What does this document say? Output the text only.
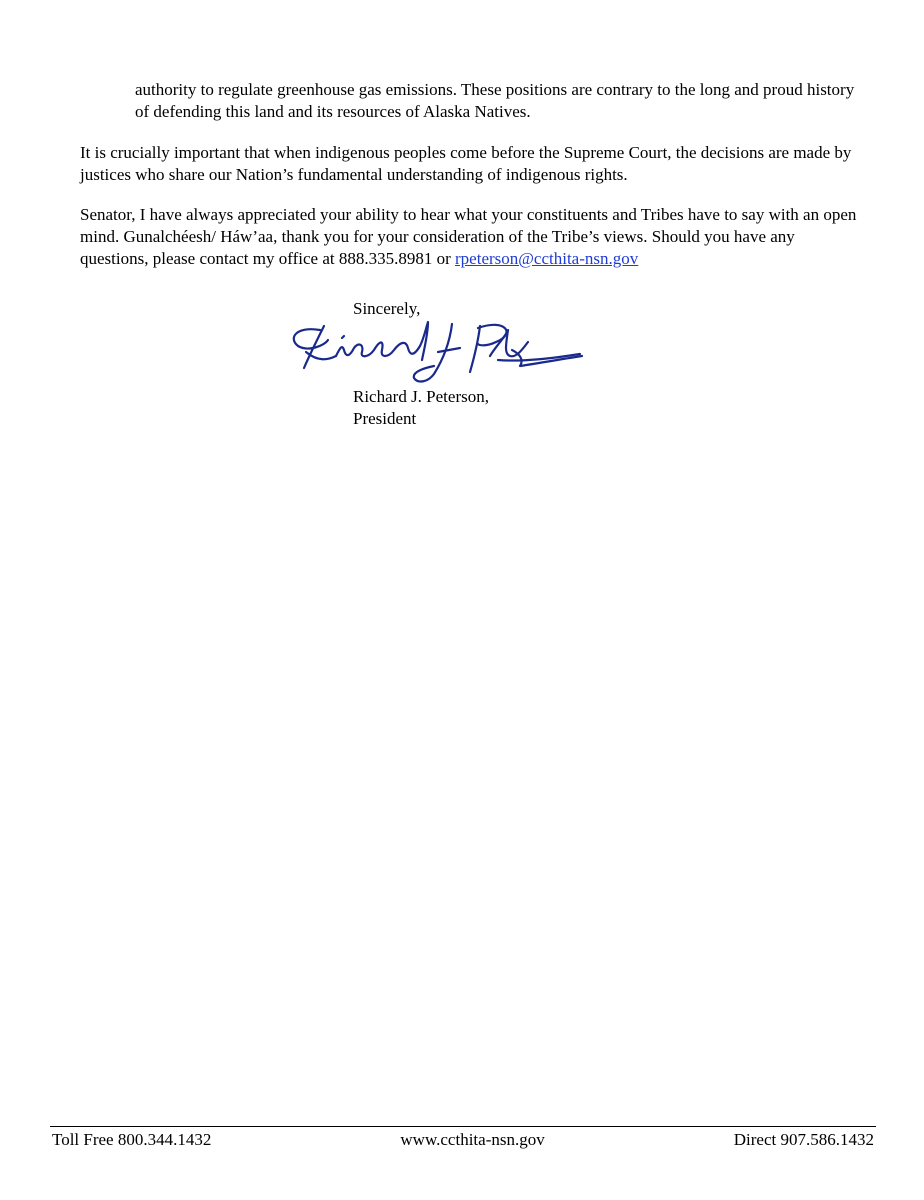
authority to regulate greenhouse gas emissions. These positions are contrary to the long and proud history of defending this land and its resources of Alaska Natives.

It is crucially important that when indigenous peoples come before the Supreme Court, the decisions are made by justices who share our Nation’s fundamental understanding of indigenous rights.

Senator, I have always appreciated your ability to hear what your constituents and Tribes have to say with an open mind. Gunalchéesh/ Háw’aa, thank you for your consideration of the Tribe’s views. Should you have any questions, please contact my office at 888.335.8981 or rpeterson@ccthita-nsn.gov

Sincerely,

Richard J. Peterson,
President
Toll Free 800.344.1432	www.ccthita-nsn.gov	Direct 907.586.1432
